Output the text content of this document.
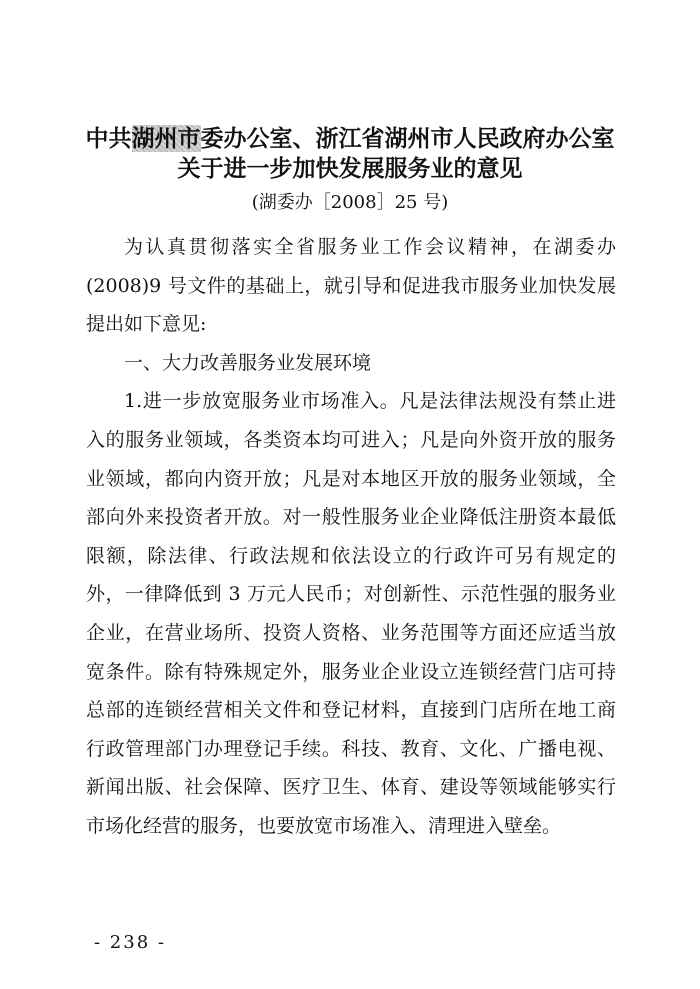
中共湖州市委办公室、浙江省湖州市人民政府办公室
关于进一步加快发展服务业的意见
(湖委办［2008］25 号)

为认真贯彻落实全省服务业工作会议精神，在湖委办(2008)9 号文件的基础上，就引导和促进我市服务业加快发展提出如下意见:

一、大力改善服务业发展环境

1.进一步放宽服务业市场准入。凡是法律法规没有禁止进入的服务业领域，各类资本均可进入；凡是向外资开放的服务业领域，都向内资开放；凡是对本地区开放的服务业领域，全部向外来投资者开放。对一般性服务业企业降低注册资本最低限额，除法律、行政法规和依法设立的行政许可另有规定的外，一律降低到 3 万元人民币；对创新性、示范性强的服务业企业，在营业场所、投资人资格、业务范围等方面还应适当放宽条件。除有特殊规定外，服务业企业设立连锁经营门店可持总部的连锁经营相关文件和登记材料，直接到门店所在地工商行政管理部门办理登记手续。科技、教育、文化、广播电视、新闻出版、社会保障、医疗卫生、体育、建设等领域能够实行市场化经营的服务，也要放宽市场准入、清理进入壁垒。

- 238 -
